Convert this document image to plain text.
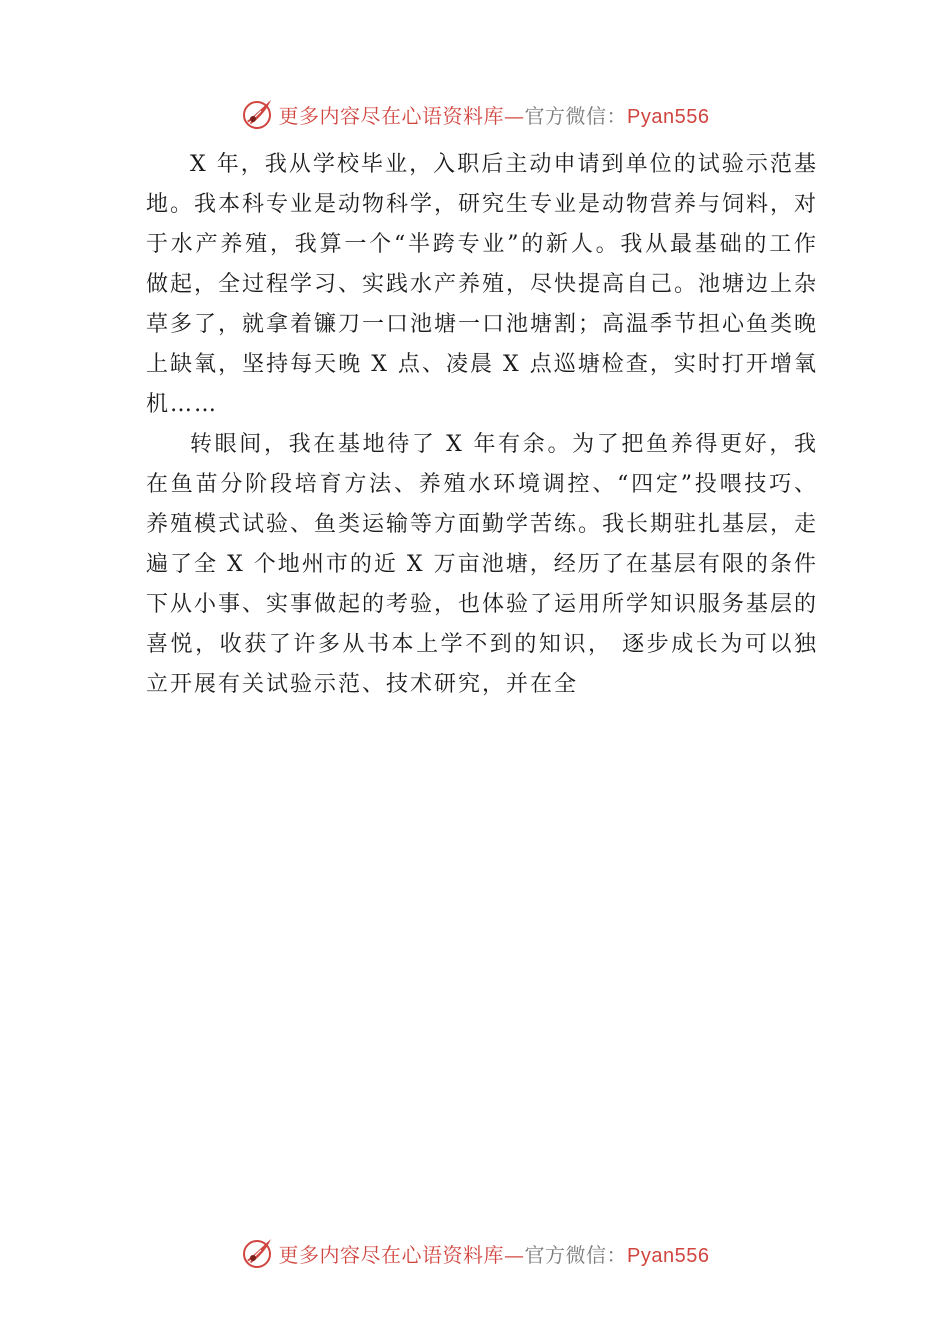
更多内容尽在心语资料库—官方微信：Pyan556

X 年，我从学校毕业，入职后主动申请到单位的试验示范基地。我本科专业是动物科学，研究生专业是动物营养与饲料，对于水产养殖，我算一个“半跨专业”的新人。我从最基础的工作做起，全过程学习、实践水产养殖，尽快提高自己。池塘边上杂草多了，就拿着镰刀一口池塘一口池塘割；高温季节担心鱼类晚上缺氧，坚持每天晚 X 点、凌晨 X 点巡塘检查，实时打开增氧机……

转眼间，我在基地待了 X 年有余。为了把鱼养得更好，我在鱼苗分阶段培育方法、养殖水环境调控、“四定”投喂技巧、养殖模式试验、鱼类运输等方面勤学苦练。我长期驻扎基层，走遍了全 X 个地州市的近 X 万亩池塘，经历了在基层有限的条件下从小事、实事做起的考验，也体验了运用所学知识服务基层的喜悦，收获了许多从书本上学不到的知识， 逐步成长为可以独立开展有关试验示范、技术研究，并在全

更多内容尽在心语资料库—官方微信：Pyan556
